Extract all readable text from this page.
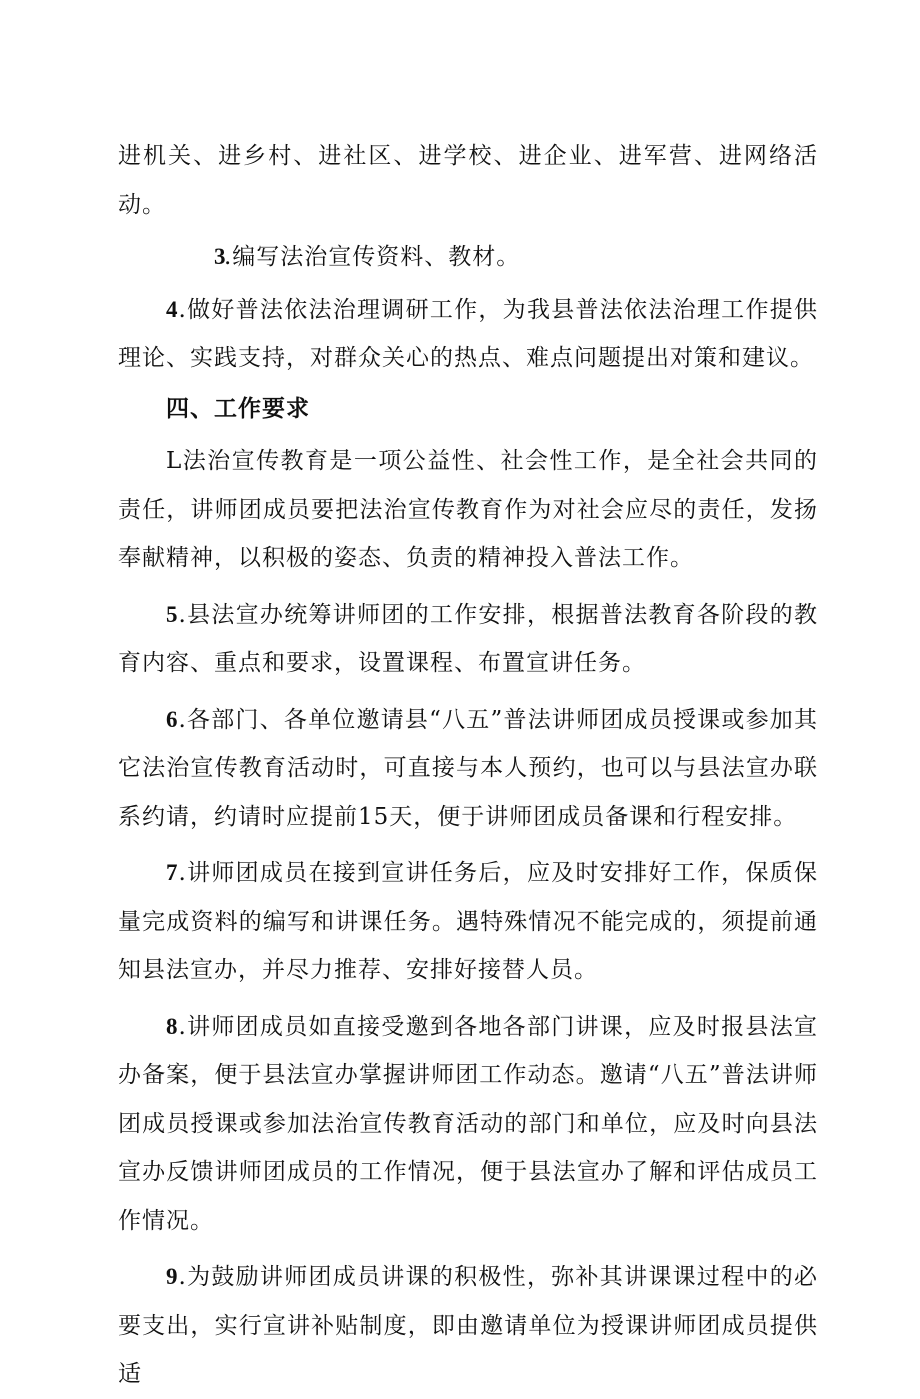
进机关、进乡村、进社区、进学校、进企业、进军营、进网络活动。

3.编写法治宣传资料、教材。

4.做好普法依法治理调研工作，为我县普法依法治理工作提供理论、实践支持，对群众关心的热点、难点问题提出对策和建议。

四、工作要求

L法治宣传教育是一项公益性、社会性工作，是全社会共同的责任，讲师团成员要把法治宣传教育作为对社会应尽的责任，发扬奉献精神，以积极的姿态、负责的精神投入普法工作。

5.县法宣办统筹讲师团的工作安排，根据普法教育各阶段的教育内容、重点和要求，设置课程、布置宣讲任务。

6.各部门、各单位邀请县“八五”普法讲师团成员授课或参加其它法治宣传教育活动时，可直接与本人预约，也可以与县法宣办联系约请，约请时应提前15天，便于讲师团成员备课和行程安排。

7.讲师团成员在接到宣讲任务后，应及时安排好工作，保质保量完成资料的编写和讲课任务。遇特殊情况不能完成的，须提前通知县法宣办，并尽力推荐、安排好接替人员。

8.讲师团成员如直接受邀到各地各部门讲课，应及时报县法宣办备案，便于县法宣办掌握讲师团工作动态。邀请“八五”普法讲师团成员授课或参加法治宣传教育活动的部门和单位，应及时向县法宣办反馈讲师团成员的工作情况，便于县法宣办了解和评估成员工作情况。

9.为鼓励讲师团成员讲课的积极性，弥补其讲课课过程中的必要支出，实行宣讲补贴制度，即由邀请单位为授课讲师团成员提供适
